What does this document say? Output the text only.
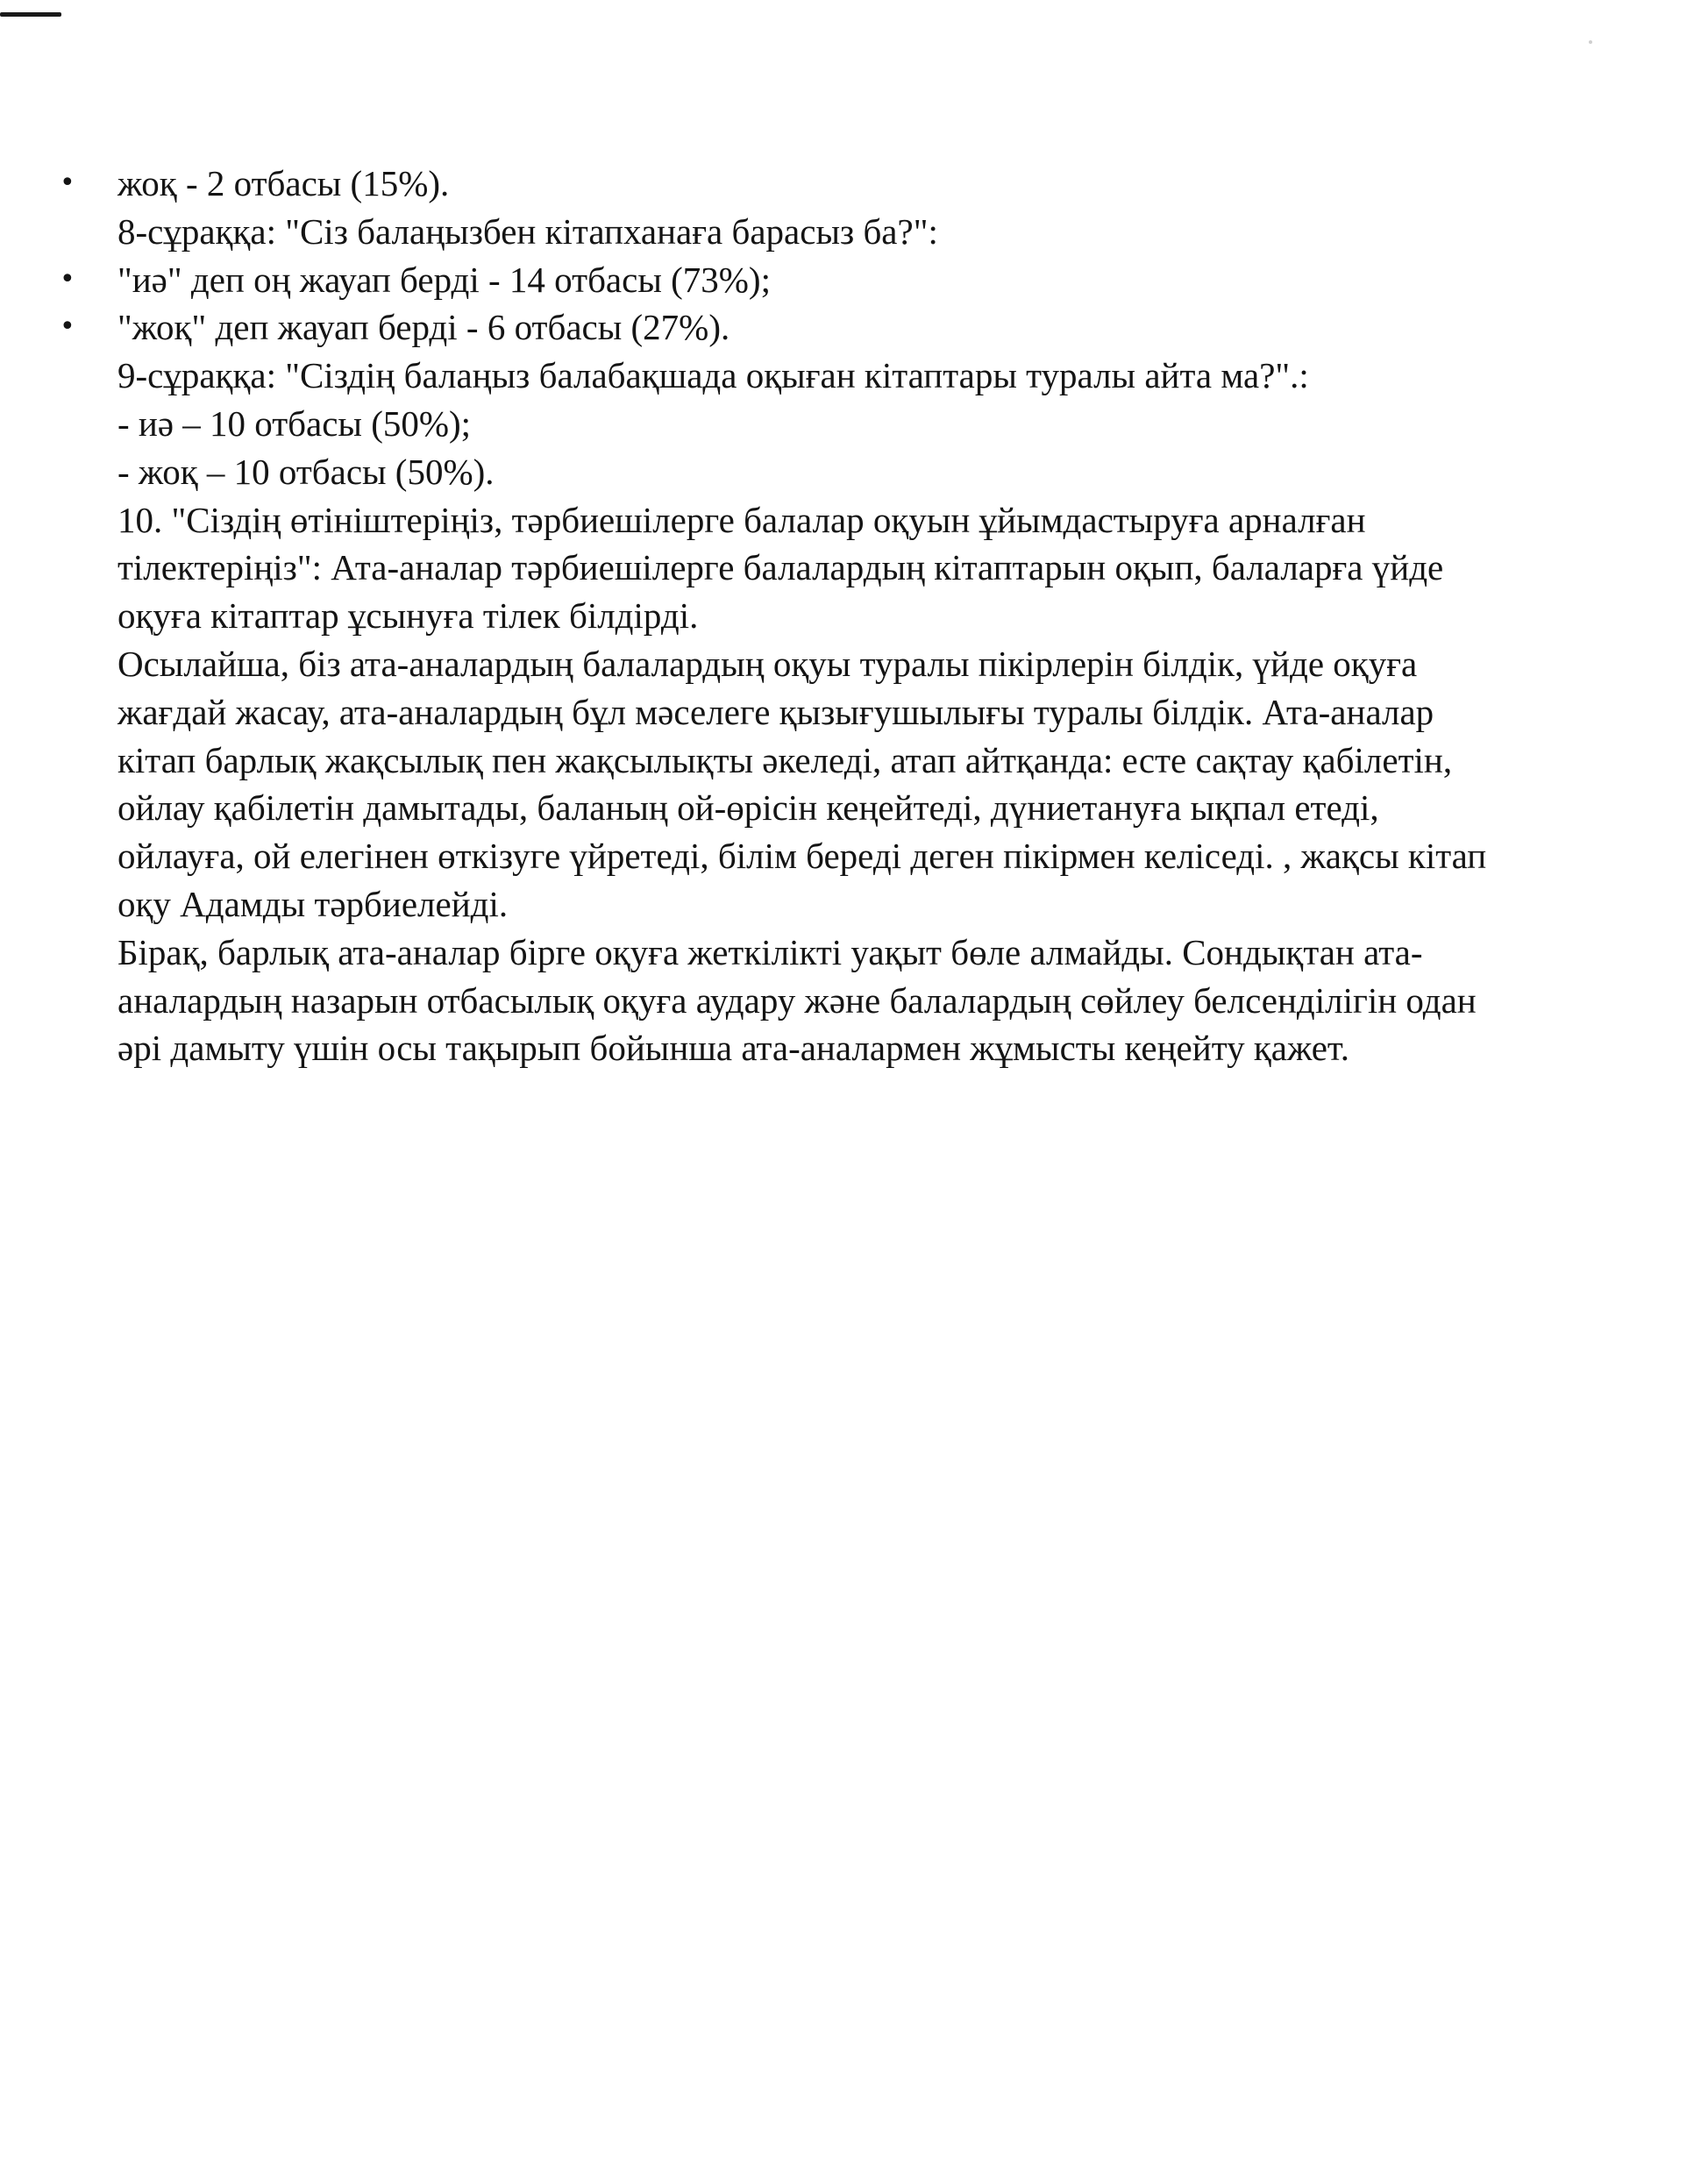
• жоқ - 2 отбасы (15%).
8-сұраққа: "Сіз балаңызбен кітапханаға барасыз ба?":
• "иә" деп оң жауап берді - 14 отбасы (73%);
• "жоқ" деп жауап берді - 6 отбасы (27%).
9-сұраққа: "Сіздің балаңыз балабақшада оқыған кітаптары туралы айта ма?".:
- иә – 10 отбасы (50%);
- жоқ – 10 отбасы (50%).
10. "Сіздің өтініштеріңіз, тәрбиешілерге балалар оқуын ұйымдастыруға арналған
тілектеріңіз": Ата-аналар тәрбиешілерге балалардың кітаптарын оқып, балаларға үйде
оқуға кітаптар ұсынуға тілек білдірді.
Осылайша, біз ата-аналардың балалардың оқуы туралы пікірлерін білдік, үйде оқуға
жағдай жасау, ата-аналардың бұл мәселеге қызығушылығы туралы білдік. Ата-аналар
кітап барлық жақсылық пен жақсылықты әкеледі, атап айтқанда: есте сақтау қабілетін,
ойлау қабілетін дамытады, баланың ой-өрісін кеңейтеді, дүниетануға ықпал етеді,
ойлауға, ой елегінен өткізуге үйретеді, білім береді деген пікірмен келіседі. , жақсы кітап
оқу Адамды тәрбиелейді.
Бірақ, барлық ата-аналар бірге оқуға жеткілікті уақыт бөле алмайды. Сондықтан ата-
аналардың назарын отбасылық оқуға аудару және балалардың сөйлеу белсенділігін одан
әрі дамыту үшін осы тақырып бойынша ата-аналармен жұмысты кеңейту қажет.
